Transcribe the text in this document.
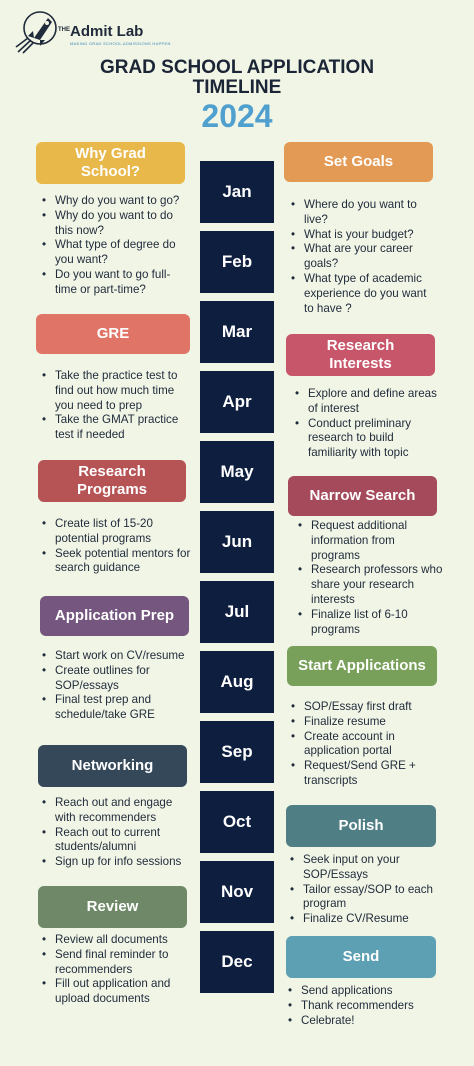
THE Admit Lab
MAKING GRAD SCHOOL ADMISSIONS HAPPEN
GRAD SCHOOL APPLICATION
TIMELINE
2024
Jan
Feb
Mar
Apr
May
Jun
Jul
Aug
Sep
Oct
Nov
Dec
Why Grad
School?
• Why do you want to go?
• Why do you want to do this now?
• What type of degree do you want?
• Do you want to go full-time or part-time?
GRE
• Take the practice test to find out how much time you need to prep
• Take the GMAT practice test if needed
Research
Programs
• Create list of 15-20 potential programs
• Seek potential mentors for search guidance
Application Prep
• Start work on CV/resume
• Create outlines for SOP/essays
• Final test prep and schedule/take GRE
Networking
• Reach out and engage with recommenders
• Reach out to current students/alumni
• Sign up for info sessions
Review
• Review all documents
• Send final reminder to recommenders
• Fill out application and upload documents
Set Goals
• Where do you want to live?
• What is your budget?
• What are your career goals?
• What type of academic experience do you want to have ?
Research
Interests
• Explore and define areas of interest
• Conduct preliminary research to build familiarity with topic
Narrow Search
• Request additional information from programs
• Research professors who share your research interests
• Finalize list of 6-10 programs
Start Applications
• SOP/Essay first draft
• Finalize resume
• Create account in application portal
• Request/Send GRE + transcripts
Polish
• Seek input on your SOP/Essays
• Tailor essay/SOP to each program
• Finalize CV/Resume
Send
• Send applications
• Thank recommenders
• Celebrate!
